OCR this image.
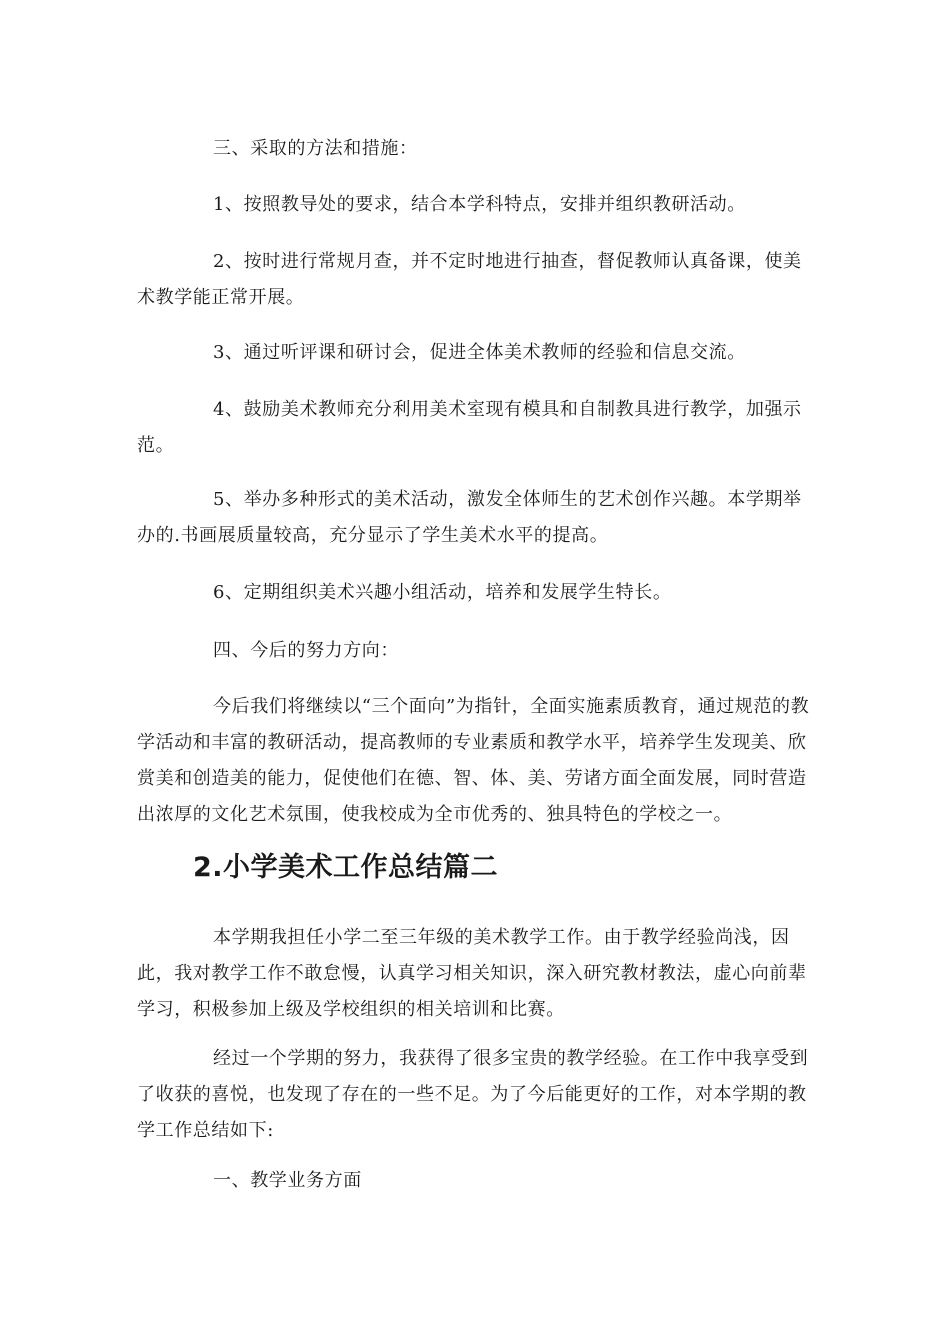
三、采取的方法和措施：
1、按照教导处的要求，结合本学科特点，安排并组织教研活动。
2、按时进行常规月查，并不定时地进行抽查，督促教师认真备课，使美术教学能正常开展。
3、通过听评课和研讨会，促进全体美术教师的经验和信息交流。
4、鼓励美术教师充分利用美术室现有模具和自制教具进行教学，加强示范。
5、举办多种形式的美术活动，激发全体师生的艺术创作兴趣。本学期举办的.书画展质量较高，充分显示了学生美术水平的提高。
6、定期组织美术兴趣小组活动，培养和发展学生特长。
四、今后的努力方向：
今后我们将继续以“三个面向”为指针，全面实施素质教育，通过规范的教学活动和丰富的教研活动，提高教师的专业素质和教学水平，培养学生发现美、欣赏美和创造美的能力，促使他们在德、智、体、美、劳诸方面全面发展，同时营造出浓厚的文化艺术氛围，使我校成为全市优秀的、独具特色的学校之一。
2.小学美术工作总结篇二
本学期我担任小学二至三年级的美术教学工作。由于教学经验尚浅，因此，我对教学工作不敢怠慢，认真学习相关知识，深入研究教材教法，虚心向前辈学习，积极参加上级及学校组织的相关培训和比赛。
经过一个学期的努力，我获得了很多宝贵的教学经验。在工作中我享受到了收获的喜悦，也发现了存在的一些不足。为了今后能更好的工作，对本学期的教学工作总结如下:
一、教学业务方面
